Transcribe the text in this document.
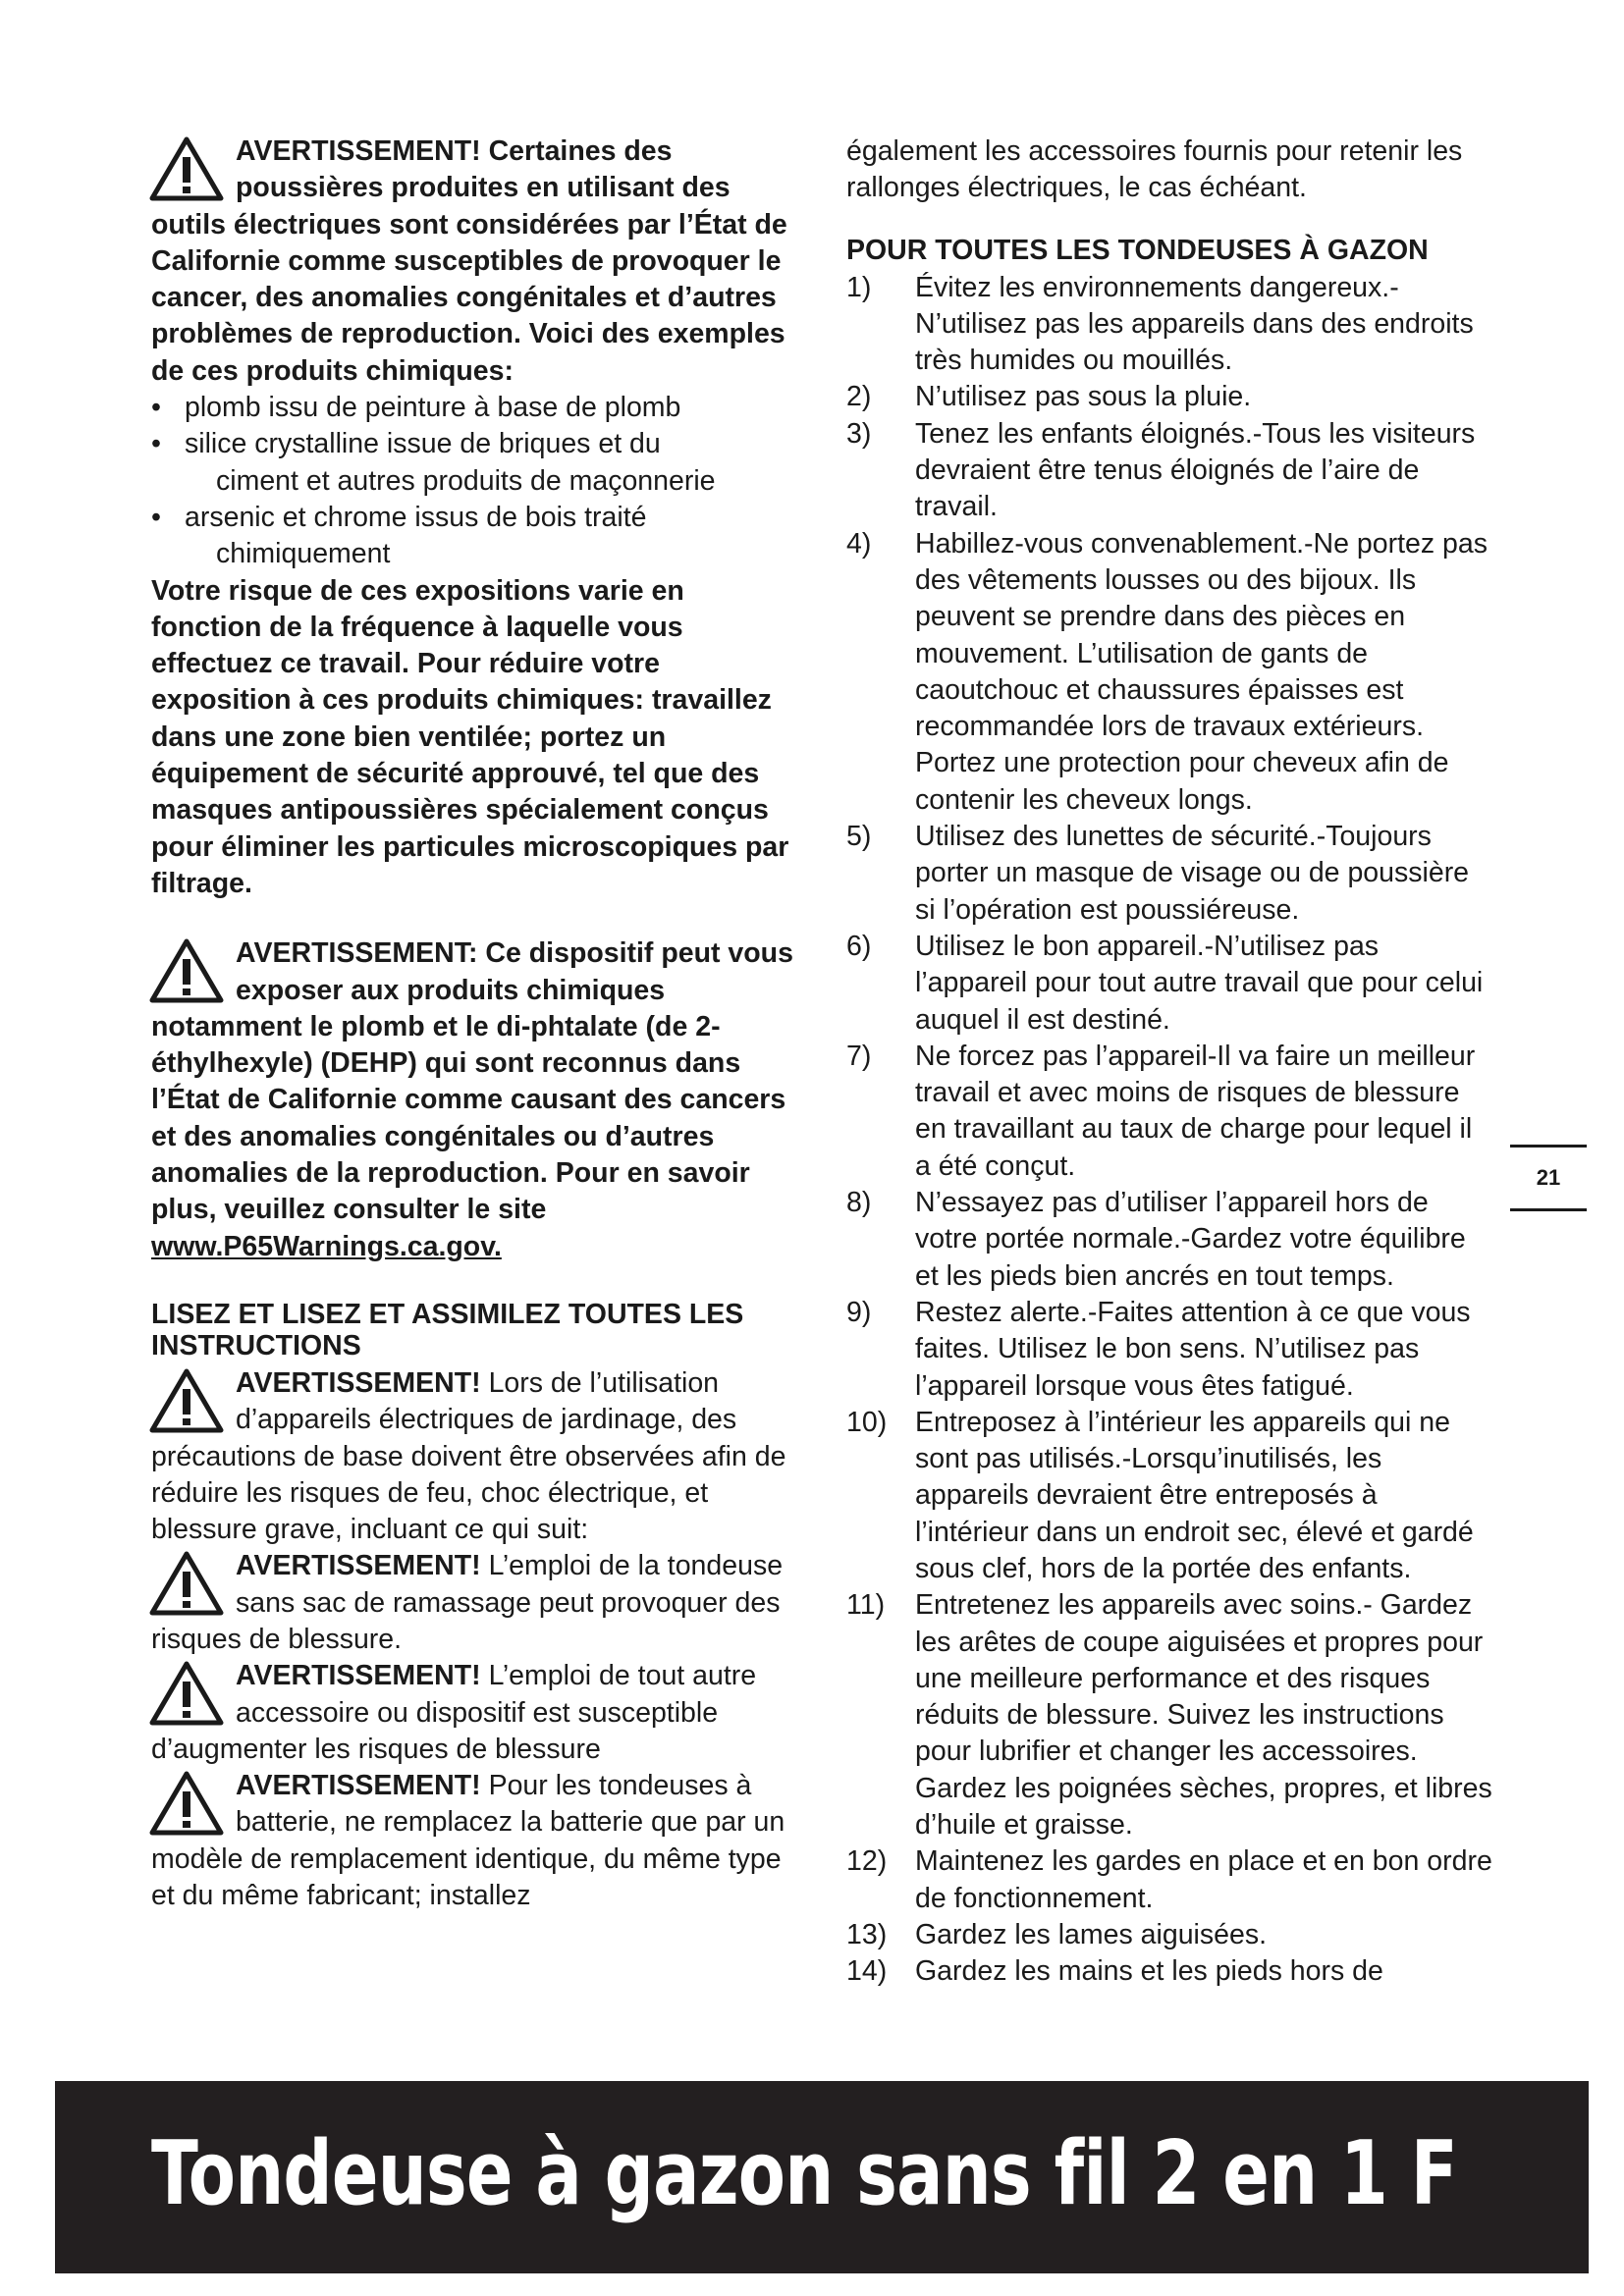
AVERTISSEMENT! Certaines des poussières produites en utilisant des outils électriques sont considérées par l’État de Californie comme susceptibles de provoquer le cancer, des anomalies congénitales et d’autres problèmes de reproduction. Voici des exemples de ces produits chimiques:
• plomb issu de peinture à base de plomb
• silice crystalline issue de briques et du
ciment et autres produits de maçonnerie
• arsenic et chrome issus de bois traité
chimiquement
Votre risque de ces expositions varie en fonction de la fréquence à laquelle vous effectuez ce travail. Pour réduire votre exposition à ces produits chimiques: travaillez dans une zone bien ventilée; portez un équipement de sécurité approuvé, tel que des masques antipoussières spécialement conçus pour éliminer les particules microscopiques par filtrage.
AVERTISSEMENT: Ce dispositif peut vous exposer aux produits chimiques notamment le plomb et le di-phtalate (de 2-éthylhexyle) (DEHP) qui sont reconnus dans l’État de Californie comme causant des cancers et des anomalies congénitales ou d’autres anomalies de la reproduction. Pour en savoir plus, veuillez consulter le site www.P65Warnings.ca.gov.
LISEZ ET LISEZ ET ASSIMILEZ TOUTES LES INSTRUCTIONS
AVERTISSEMENT! Lors de l’utilisation d’appareils électriques de jardinage, des précautions de base doivent être observées afin de réduire les risques de feu, choc électrique, et blessure grave, incluant ce qui suit:
AVERTISSEMENT! L’emploi de la tondeuse sans sac de ramassage peut provoquer des risques de blessure.
AVERTISSEMENT! L’emploi de tout autre accessoire ou dispositif est susceptible d’augmenter les risques de blessure
AVERTISSEMENT! Pour les tondeuses à batterie, ne remplacez la batterie que par un modèle de remplacement identique, du même type et du même fabricant; installez
également les accessoires fournis pour retenir les rallonges électriques, le cas échéant.
POUR TOUTES LES TONDEUSES À GAZON
1) Évitez les environnements dangereux.- N’utilisez pas les appareils dans des endroits très humides ou mouillés.
2) N’utilisez pas sous la pluie.
3) Tenez les enfants éloignés.-Tous les visiteurs devraient être tenus éloignés de l’aire de travail.
4) Habillez-vous convenablement.-Ne portez pas des vêtements lousses ou des bijoux. Ils peuvent se prendre dans des pièces en mouvement. L’utilisation de gants de caoutchouc et chaussures épaisses est recommandée lors de travaux extérieurs. Portez une protection pour cheveux afin de contenir les cheveux longs.
5) Utilisez des lunettes de sécurité.-Toujours porter un masque de visage ou de poussière si l’opération est poussiéreuse.
6) Utilisez le bon appareil.-N’utilisez pas l’appareil pour tout autre travail que pour celui auquel il est destiné.
7) Ne forcez pas l’appareil-Il va faire un meilleur travail et avec moins de risques de blessure en travaillant au taux de charge pour lequel il a été conçut.
8) N’essayez pas d’utiliser l’appareil hors de votre portée normale.-Gardez votre équilibre et les pieds bien ancrés en tout temps.
9) Restez alerte.-Faites attention à ce que vous faites. Utilisez le bon sens. N’utilisez pas l’appareil lorsque vous êtes fatigué.
10) Entreposez à l’intérieur les appareils qui ne sont pas utilisés.-Lorsqu’inutilisés, les appareils devraient être entreposés à l’intérieur dans un endroit sec, élevé et gardé sous clef, hors de la portée des enfants.
11) Entretenez les appareils avec soins.- Gardez les arêtes de coupe aiguisées et propres pour une meilleure performance et des risques réduits de blessure. Suivez les instructions pour lubrifier et changer les accessoires. Gardez les poignées sèches, propres, et libres d’huile et graisse.
12) Maintenez les gardes en place et en bon ordre de fonctionnement.
13) Gardez les lames aiguisées.
14) Gardez les mains et les pieds hors de
21
Tondeuse à gazon sans fil 2 en 1 F
